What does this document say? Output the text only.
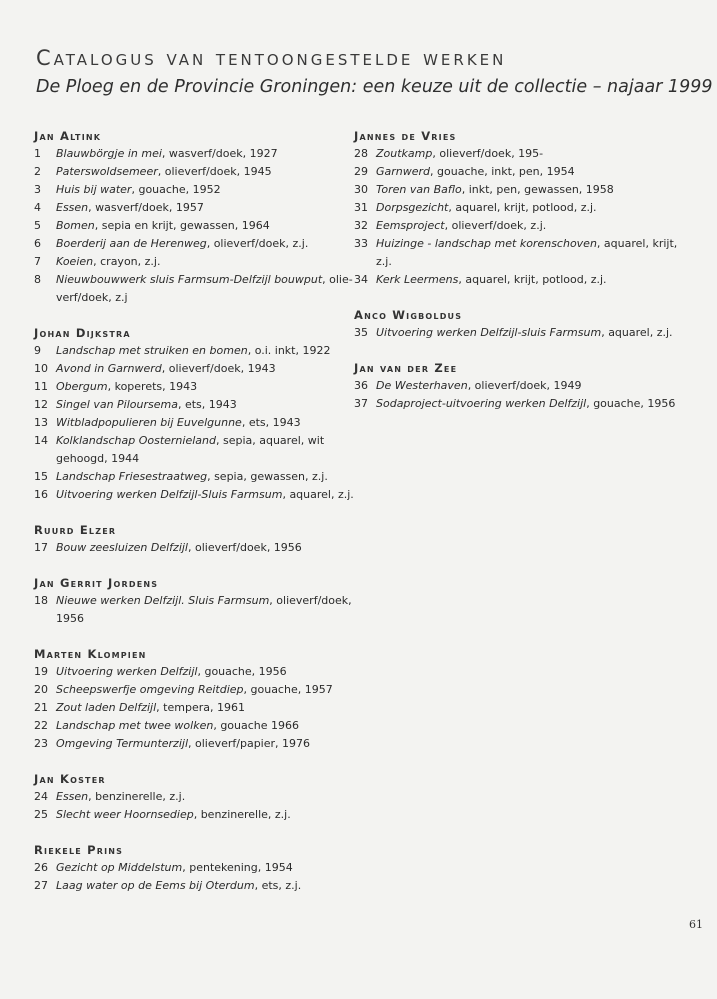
Catalogus van tentoongestelde werken
De Ploeg en de Provincie Groningen: een keuze uit de collectie – najaar 1999
Jan Altink
1	Blauwbörgje in mei, wasverf/doek, 1927
2	Paterswoldsemeer, olieverf/doek, 1945
3	Huis bij water, gouache, 1952
4	Essen, wasverf/doek, 1957
5	Bomen, sepia en krijt, gewassen, 1964
6	Boerderij aan de Herenweg, olieverf/doek, z.j.
7	Koeien, crayon, z.j.
8	Nieuwbouwwerk sluis Farmsum-Delfzijl bouwput, olie-
verf/doek, z.j
Johan Dijkstra
9	Landschap met struiken en bomen, o.i. inkt, 1922
10 Avond in Garnwerd, olieverf/doek, 1943
11 Obergum, koperets, 1943
12 Singel van Piloursema, ets, 1943
13 Witbladpopulieren bij Euvelgunne, ets, 1943
14 Kolklandschap Oosternieland, sepia, aquarel, wit
gehoogd, 1944
15 Landschap Friesestraatweg, sepia, gewassen, z.j.
16 Uitvoering werken Delfzijl-Sluis Farmsum, aquarel, z.j.
Ruurd Elzer
17 Bouw zeesluizen Delfzijl, olieverf/doek, 1956
Jan Gerrit Jordens
18 Nieuwe werken Delfzijl. Sluis Farmsum, olieverf/doek,
1956
Marten Klompien
19 Uitvoering werken Delfzijl, gouache, 1956
20 Scheepswerfje omgeving Reitdiep, gouache, 1957
21 Zout laden Delfzijl, tempera, 1961
22 Landschap met twee wolken, gouache 1966
23 Omgeving Termunterzijl, olieverf/papier, 1976
Jan Koster
24 Essen, benzinerelle, z.j.
25 Slecht weer Hoornsediep, benzinerelle, z.j.
Riekele Prins
26 Gezicht op Middelstum, pentekening, 1954
27 Laag water op de Eems bij Oterdum, ets, z.j.
Jannes de Vries
28 Zoutkamp, olieverf/doek, 195-
29 Garnwerd, gouache, inkt, pen, 1954
30 Toren van Baflo, inkt, pen, gewassen, 1958
31 Dorpsgezicht, aquarel, krijt, potlood, z.j.
32 Eemsproject, olieverf/doek, z.j.
33 Huizinge - landschap met korenschoven, aquarel, krijt,
z.j.
34 Kerk Leermens, aquarel, krijt, potlood, z.j.
Anco Wigboldus
35 Uitvoering werken Delfzijl-sluis Farmsum, aquarel, z.j.
Jan van der Zee
36 De Westerhaven, olieverf/doek, 1949
37 Sodaproject-uitvoering werken Delfzijl, gouache, 1956
61
